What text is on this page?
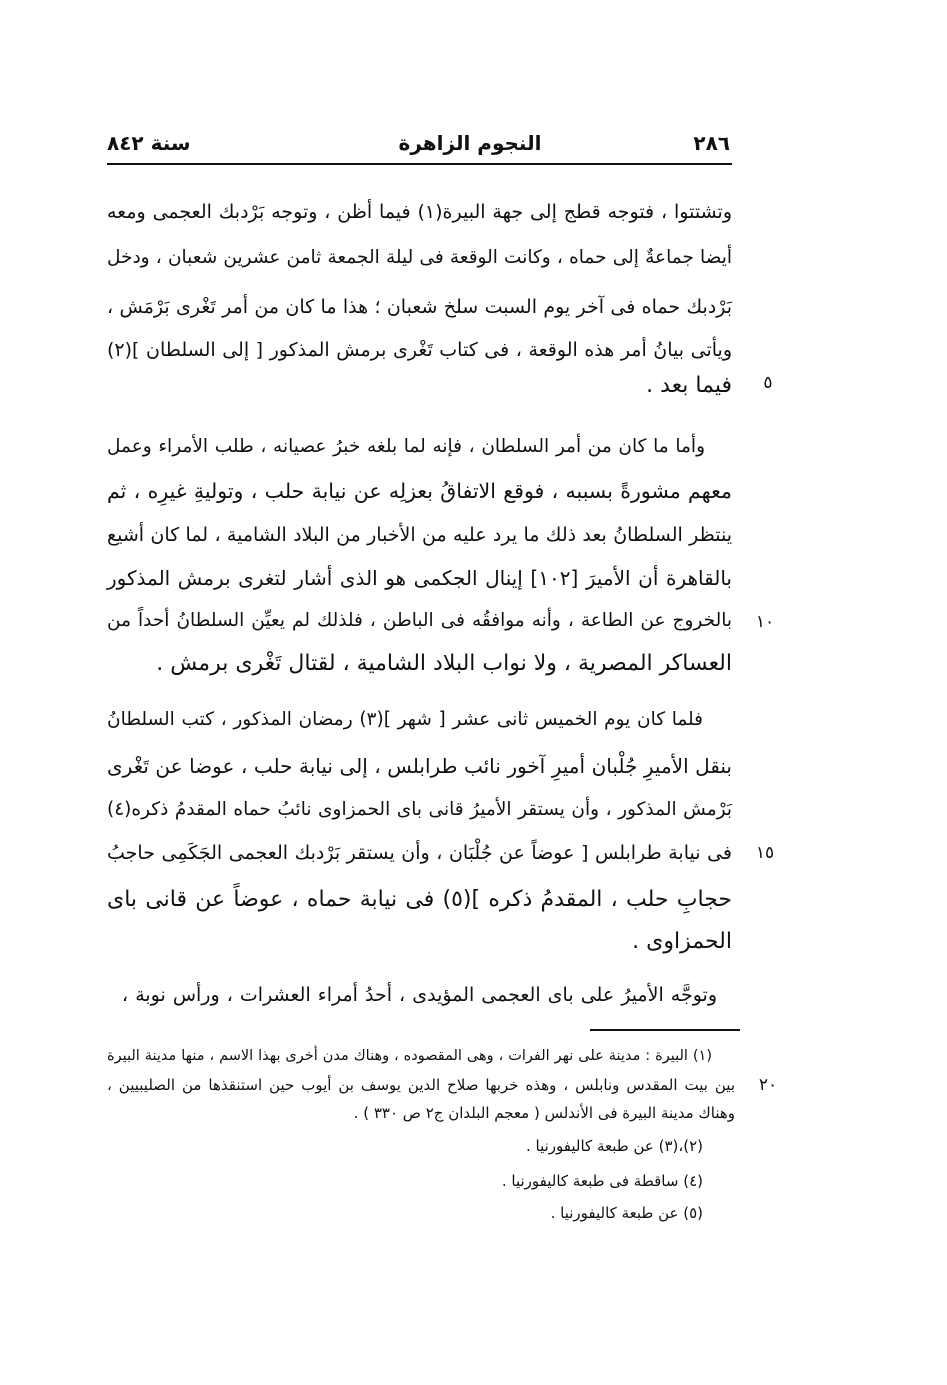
٢٨٦
النجوم الزاهرة
سنة ٨٤٢
وتشتتوا ، فتوجه قطج إلى جهة البيرة(١) فيما أظن ، وتوجه بَرْدبك العجمى ومعه
أيضا جماعةٌ إلى حماه ، وكانت الوقعة فى ليلة الجمعة ثامن عشرين شعبان ، ودخل
بَرْدبك حماه فى آخر يوم السبت سلخ شعبان ؛ هذا ما كان من أمر تَغْرى بَرْمَش ،
ويأتى بيانُ أمر هذه الوقعة ، فى كتاب تَغْرى برمش المذكور [ إلى السلطان ](٢)
فيما بعد .
وأما ما كان من أمر السلطان ، فإنه لما بلغه خبرُ عصيانه ، طلب الأمراء وعمل
معهم مشورةً بسببه ، فوقع الاتفاقُ بعزلِه عن نيابة حلب ، وتوليةِ غيرِه ، ثم
ينتظر السلطانُ بعد ذلك ما يرد عليه من الأخبار من البلاد الشامية ، لما كان أشيع
بالقاهرة أن الأميرَ [١٠٢] إينال الجكمى هو الذى أشار لتغرى برمش المذكور
بالخروج عن الطاعة ، وأنه موافقُه فى الباطن ، فلذلك لم يعيِّن السلطانُ أحداً من
العساكر المصرية ، ولا نواب البلاد الشامية ، لقتال تَغْرى برمش .
فلما كان يوم الخميس ثانى عشر [ شهر ](٣) رمضان المذكور ، كتب السلطانُ
بنقل الأميرِ جُلْبان أميرِ آخور نائب طرابلس ، إلى نيابة حلب ، عوضا عن تَغْرى
بَرْمش المذكور ، وأن يستقر الأميرُ قانى باى الحمزاوى نائبُ حماه المقدمُ ذكره(٤)
فى نيابة طرابلس [ عوضاً عن جُلْبَان ، وأن يستقر بَرْدبك العجمى الجَكَمِى حاجبُ
حجابِ حلب ، المقدمُ ذكره ](٥) فى نيابة حماه ، عوضاً عن قانى باى
الحمزاوى .
وتوجَّه الأميرُ على باى العجمى المؤيدى ، أحدُ أمراء العشرات ، ورأس نوبة ،
(١) البيرة : مدينة على نهر الفرات ، وهى المقصوده ، وهناك مدن أخرى بهذا الاسم ، منها مدينة البيرة
بين بيت المقدس ونابلس ، وهذه خربها صلاح الدين يوسف بن أيوب حين استنقذها من الصليبيين ،
وهناك مدينة البيرة فى الأندلس ( معجم البلدان ج٢ ص ٣٣٠ ) .
(٢)،(٣) عن طبعة كاليفورنيا .
(٤) ساقطة فى طبعة كاليفورنيا .
(٥) عن طبعة كاليفورنيا .
٥
١٠
١٥
٢٠
